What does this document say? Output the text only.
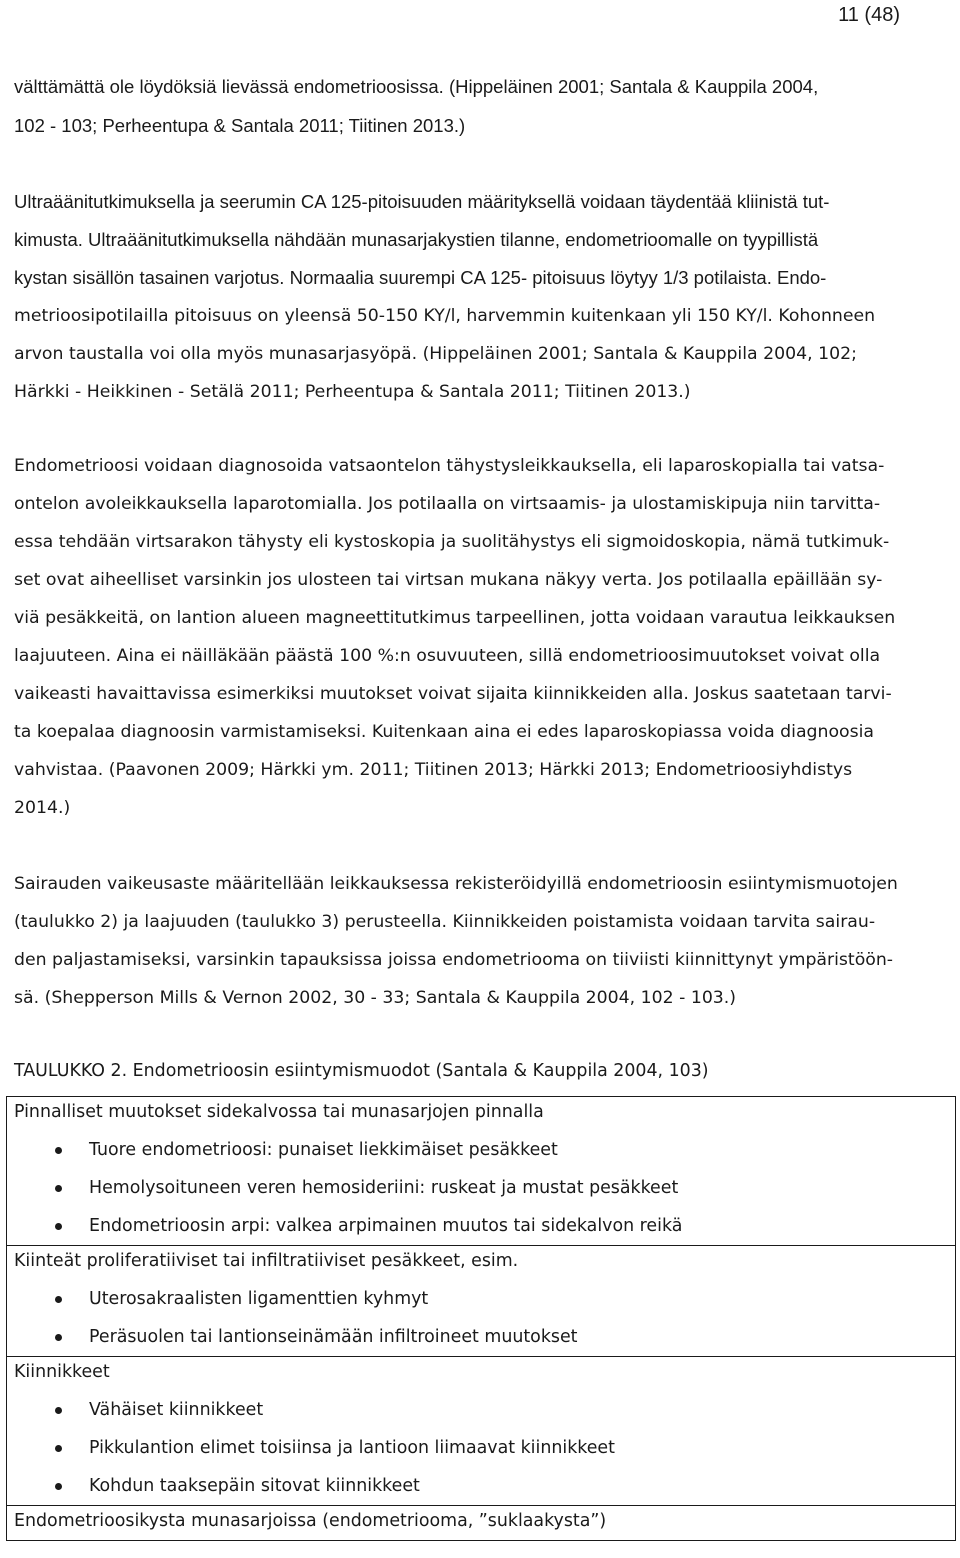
11 (48)
välttämättä ole löydöksiä lievässä endometrioosissa. (Hippeläinen 2001; Santala & Kauppila 2004,
102 - 103; Perheentupa & Santala 2011; Tiitinen 2013.)
Ultraäänitutkimuksella ja seerumin CA 125-pitoisuuden määrityksellä voidaan täydentää kliinistä tut-
kimusta. Ultraäänitutkimuksella nähdään munasarjakystien tilanne, endometrioomalle on tyypillistä
kystan sisällön tasainen varjotus. Normaalia suurempi CA 125- pitoisuus löytyy 1/3 potilaista. Endo-
metrioosipotilailla pitoisuus on yleensä 50-150 KY/l, harvemmin kuitenkaan yli 150 KY/l. Kohonneen
arvon taustalla voi olla myös munasarjasyöpä. (Hippeläinen 2001; Santala & Kauppila 2004, 102;
Härkki - Heikkinen - Setälä 2011; Perheentupa & Santala 2011; Tiitinen 2013.)
Endometrioosi voidaan diagnosoida vatsaontelon tähystysleikkauksella, eli laparoskopialla tai vatsa-
ontelon avoleikkauksella laparotomialla. Jos potilaalla on virtsaamis- ja ulostamiskipuja niin tarvitta-
essa tehdään virtsarakon tähysty eli kystoskopia ja suolitähystys eli sigmoidoskopia, nämä tutkimuk-
set ovat aiheelliset varsinkin jos ulosteen tai virtsan mukana näkyy verta. Jos potilaalla epäillään sy-
viä pesäkkeitä, on lantion alueen magneettitutkimus tarpeellinen, jotta voidaan varautua leikkauksen
laajuuteen. Aina ei näilläkään päästä 100 %:n osuvuuteen, sillä endometrioosimuutokset voivat olla
vaikeasti havaittavissa esimerkiksi muutokset voivat sijaita kiinnikkeiden alla. Joskus saatetaan tarvi-
ta koepalaa diagnoosin varmistamiseksi. Kuitenkaan aina ei edes laparoskopiassa voida diagnoosia
vahvistaa. (Paavonen 2009; Härkki ym. 2011; Tiitinen 2013; Härkki 2013; Endometrioosiyhdistys
2014.)
Sairauden vaikeusaste määritellään leikkauksessa rekisteröidyillä endometrioosin esiintymismuotojen
(taulukko 2) ja laajuuden (taulukko 3) perusteella. Kiinnikkeiden poistamista voidaan tarvita sairau-
den paljastamiseksi, varsinkin tapauksissa joissa endometriooma on tiiviisti kiinnittynyt ympäristöön-
sä. (Shepperson Mills & Vernon 2002, 30 - 33; Santala & Kauppila 2004, 102 - 103.)
TAULUKKO 2. Endometrioosin esiintymismuodot (Santala & Kauppila 2004, 103)
Pinnalliset muutokset sidekalvossa tai munasarjojen pinnalla
Tuore endometrioosi: punaiset liekkimäiset pesäkkeet
Hemolysoituneen veren hemosideriini: ruskeat ja mustat pesäkkeet
Endometrioosin arpi: valkea arpimainen muutos tai sidekalvon reikä

Kiinteät proliferatiiviset tai infiltratiiviset pesäkkeet, esim.
Uterosakraalisten ligamenttien kyhmyt
Peräsuolen tai lantionseinämään infiltroineet muutokset

Kiinnikkeet
Vähäiset kiinnikkeet
Pikkulantion elimet toisiinsa ja lantioon liimaavat kiinnikkeet
Kohdun taaksepäin sitovat kiinnikkeet

Endometrioosikysta munasarjoissa (endometriooma, ”suklaakysta”)
